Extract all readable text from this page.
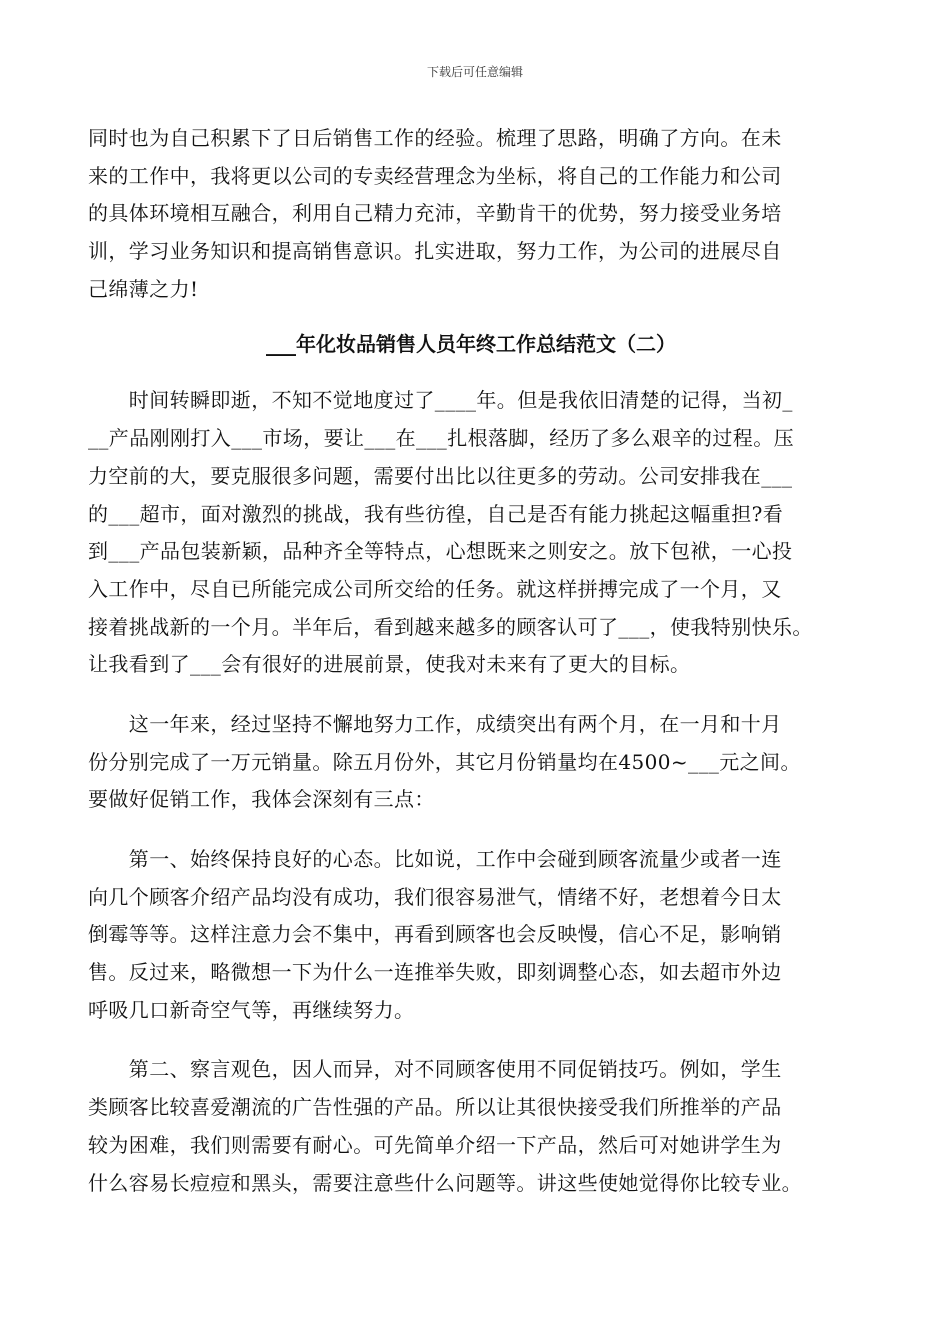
下载后可任意编辑
同时也为自己积累下了日后销售工作的经验。梳理了思路，明确了方向。在未
来的工作中，我将更以公司的专卖经营理念为坐标，将自己的工作能力和公司
的具体环境相互融合，利用自己精力充沛，辛勤肯干的优势，努力接受业务培
训，学习业务知识和提高销售意识。扎实进取，努力工作，为公司的进展尽自
己绵薄之力!
___年化妆品销售人员年终工作总结范文（二）
　　时间转瞬即逝，不知不觉地度过了____年。但是我依旧清楚的记得，当初_
__产品刚刚打入___市场，要让___在___扎根落脚，经历了多么艰辛的过程。压
力空前的大，要克服很多问题，需要付出比以往更多的劳动。公司安排我在___
的___超市，面对激烈的挑战，我有些彷徨，自己是否有能力挑起这幅重担?看
到___产品包装新颖，品种齐全等特点，心想既来之则安之。放下包袱，一心投
入工作中，尽自已所能完成公司所交给的任务。就这样拼搏完成了一个月，又
接着挑战新的一个月。半年后，看到越来越多的顾客认可了___，使我特别快乐。
让我看到了___会有很好的进展前景，使我对未来有了更大的目标。
　　这一年来，经过坚持不懈地努力工作，成绩突出有两个月，在一月和十月
份分别完成了一万元销量。除五月份外，其它月份销量均在4500~___元之间。
要做好促销工作，我体会深刻有三点：
　　第一、始终保持良好的心态。比如说，工作中会碰到顾客流量少或者一连
向几个顾客介绍产品均没有成功，我们很容易泄气，情绪不好，老想着今日太
倒霉等等。这样注意力会不集中，再看到顾客也会反映慢，信心不足，影响销
售。反过来，略微想一下为什么一连推举失败，即刻调整心态，如去超市外边
呼吸几口新奇空气等，再继续努力。
　　第二、察言观色，因人而异，对不同顾客使用不同促销技巧。例如，学生
类顾客比较喜爱潮流的广告性强的产品。所以让其很快接受我们所推举的产品
较为困难，我们则需要有耐心。可先简单介绍一下产品，然后可对她讲学生为
什么容易长痘痘和黑头，需要注意些什么问题等。讲这些使她觉得你比较专业。
